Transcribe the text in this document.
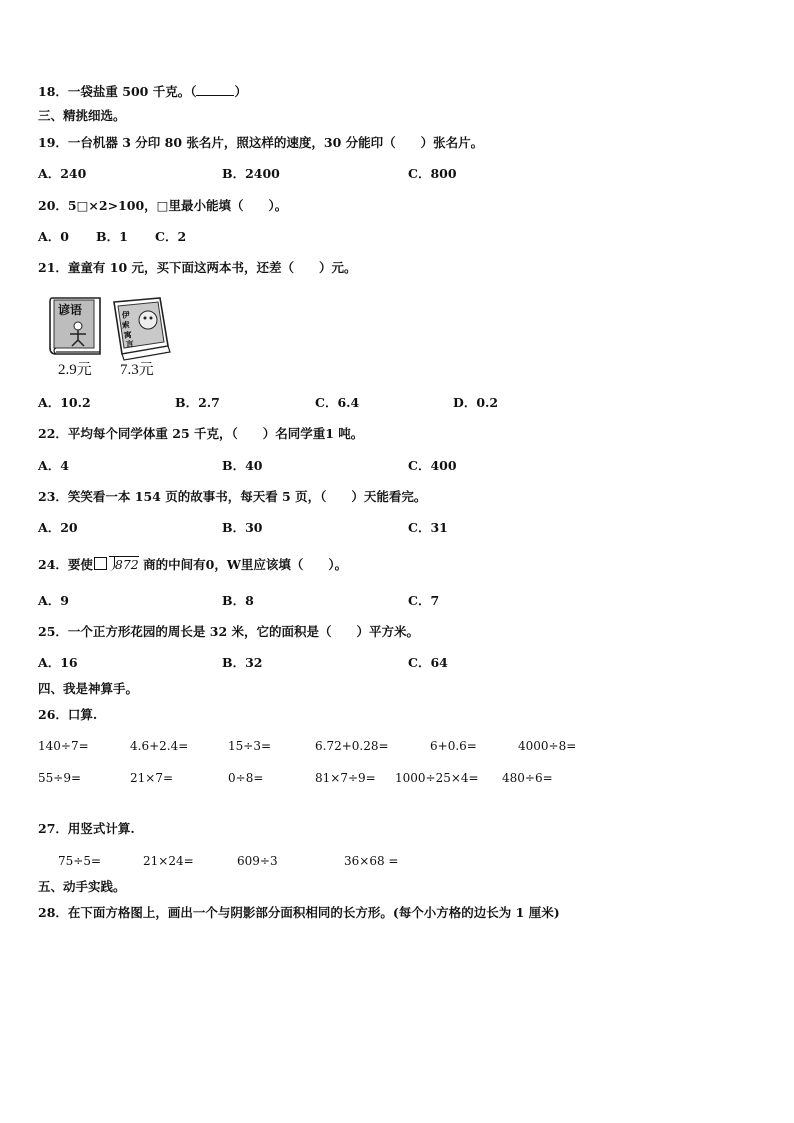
18．一袋盐重 500 千克。（	）
三、精挑细选。
19．一台机器 3 分印 80 张名片，照这样的速度，30 分能印（　　）张名片。
A．240	B．2400	C．800
20．5□×2>100，□里最小能填（　　）。
A．0 B．1 C．2
21．童童有 10 元，买下面这两本书，还差（　　）元。
谚语	伊
索
寓
言
2.9元 7.3元
A．10.2	B．2.7	C．6.4	D．0.2
22．平均每个同学体重 25 千克，（　　）名同学重1 吨。
A．4	B．40	C．400
23．笑笑看一本 154 页的故事书，每天看 5 页，（　　）天能看完。
A．20	B．30	C．31
24．要使 872 商的中间有0，W里应该填（　　）。
A．9	B．8	C．7
25．一个正方形花园的周长是 32 米，它的面积是（　　）平方米。
A．16	B．32	C．64
四、我是神算手。
26．口算.
140÷7=	4.6+2.4=	15÷3=	6.72+0.28=	6+0.6=	4000÷8=
55÷9=	21×7=	0÷8=	81×7÷9= 1000÷25×4= 480÷6=
27．用竖式计算.
75÷5=	21×24=	609÷3	36×68 =
五、动手实践。
28．在下面方格图上，画出一个与阴影部分面积相同的长方形。(每个小方格的边长为 1 厘米)
